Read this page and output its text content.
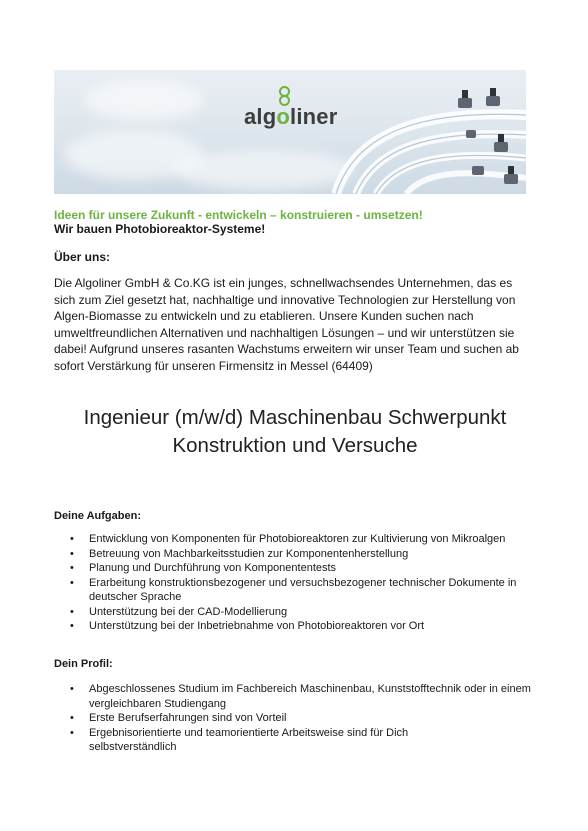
alg o liner
Ideen für unsere Zukunft - entwickeln – konstruieren - umsetzen!
Wir bauen Photobioreaktor-Systeme!
Über uns:

Die Algoliner GmbH & Co.KG ist ein junges, schnellwachsendes Unternehmen, das es sich zum Ziel gesetzt hat, nachhaltige und innovative Technologien zur Herstellung von Algen-Biomasse zu entwickeln und zu etablieren. Unsere Kunden suchen nach umweltfreundlichen Alternativen und nachhaltigen Lösungen – und wir unterstützen sie dabei! Aufgrund unseres rasanten Wachstums erweitern wir unser Team und suchen ab sofort Verstärkung für unseren Firmensitz in Messel (64409)

Ingenieur (m/w/d) Maschinenbau Schwerpunkt
Konstruktion und Versuche
Deine Aufgaben:
• Entwicklung von Komponenten für Photobioreaktoren zur Kultivierung von Mikroalgen
• Betreuung von Machbarkeitsstudien zur Komponentenherstellung
• Planung und Durchführung von Komponententests
• Erarbeitung konstruktionsbezogener und versuchsbezogener technischer Dokumente in deutscher Sprache
• Unterstützung bei der CAD-Modellierung
• Unterstützung bei der Inbetriebnahme von Photobioreaktoren vor Ort
Dein Profil:
• Abgeschlossenes Studium im Fachbereich Maschinenbau, Kunststofftechnik oder in einem vergleichbaren Studiengang
• Erste Berufserfahrungen sind von Vorteil
• Ergebnisorientierte und teamorientierte Arbeitsweise sind für Dich selbstverständlich
